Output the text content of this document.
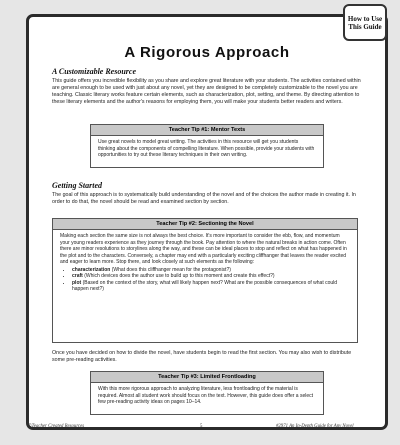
How to Use
This Guide
A Rigorous Approach
A Customizable Resource
This guide offers you incredible flexibility as you share and explore great literature with your students. The activities contained within are general enough to be used with just about any novel, yet they are designed to be completely customizable to the novel you are teaching. Classic literary works feature certain elements, such as characterization, plot, setting, and theme. By directing attention to these literary elements and the author's reasons for employing them, you will make your students better readers and writers.
Teacher Tip #1: Mentor Texts
Use great novels to model great writing. The activities in this resource will get you students thinking about the components of compelling literature. When possible, provide your students with opportunities to try out these literary techniques in their own writing.
Getting Started
The goal of this approach is to systematically build understanding of the novel and of the choices the author made in creating it. In order to do that, the novel should be read and examined section by section.
Teacher Tip #2: Sectioning the Novel
Making each section the same size is not always the best choice. It's more important to consider the ebb, flow, and momentum your young readers experience as they journey through the book. Pay attention to where the natural breaks in action come. Often there are minor resolutions to storylines along the way, and these can be ideal places to stop and reflect on what has happened in the plot and to the characters. Conversely, a chapter may end with a particularly exciting cliffhanger that leaves the reader excited and eager to learn more. Stop there, and look closely at such elements as the following:
• characterization (What does this cliffhanger mean for the protagonist?)
• craft (Which devices does the author use to build up to this moment and create this effect?)
• plot (Based on the context of the story, what will likely happen next? What are the possible consequences of what could happen next?)
Once you have decided on how to divide the novel, have students begin to read the first section. You may also wish to distribute some pre-reading activities.
Teacher Tip #3: Limited Frontloading
With this more rigorous approach to analyzing literature, less frontloading of the material is required. Almost all student work should focus on the text. However, this guide does offer a select few pre-reading activity ideas on pages 10–14.
©Teacher Created Resources	5	#2971 An In-Depth Guide for Any Novel
